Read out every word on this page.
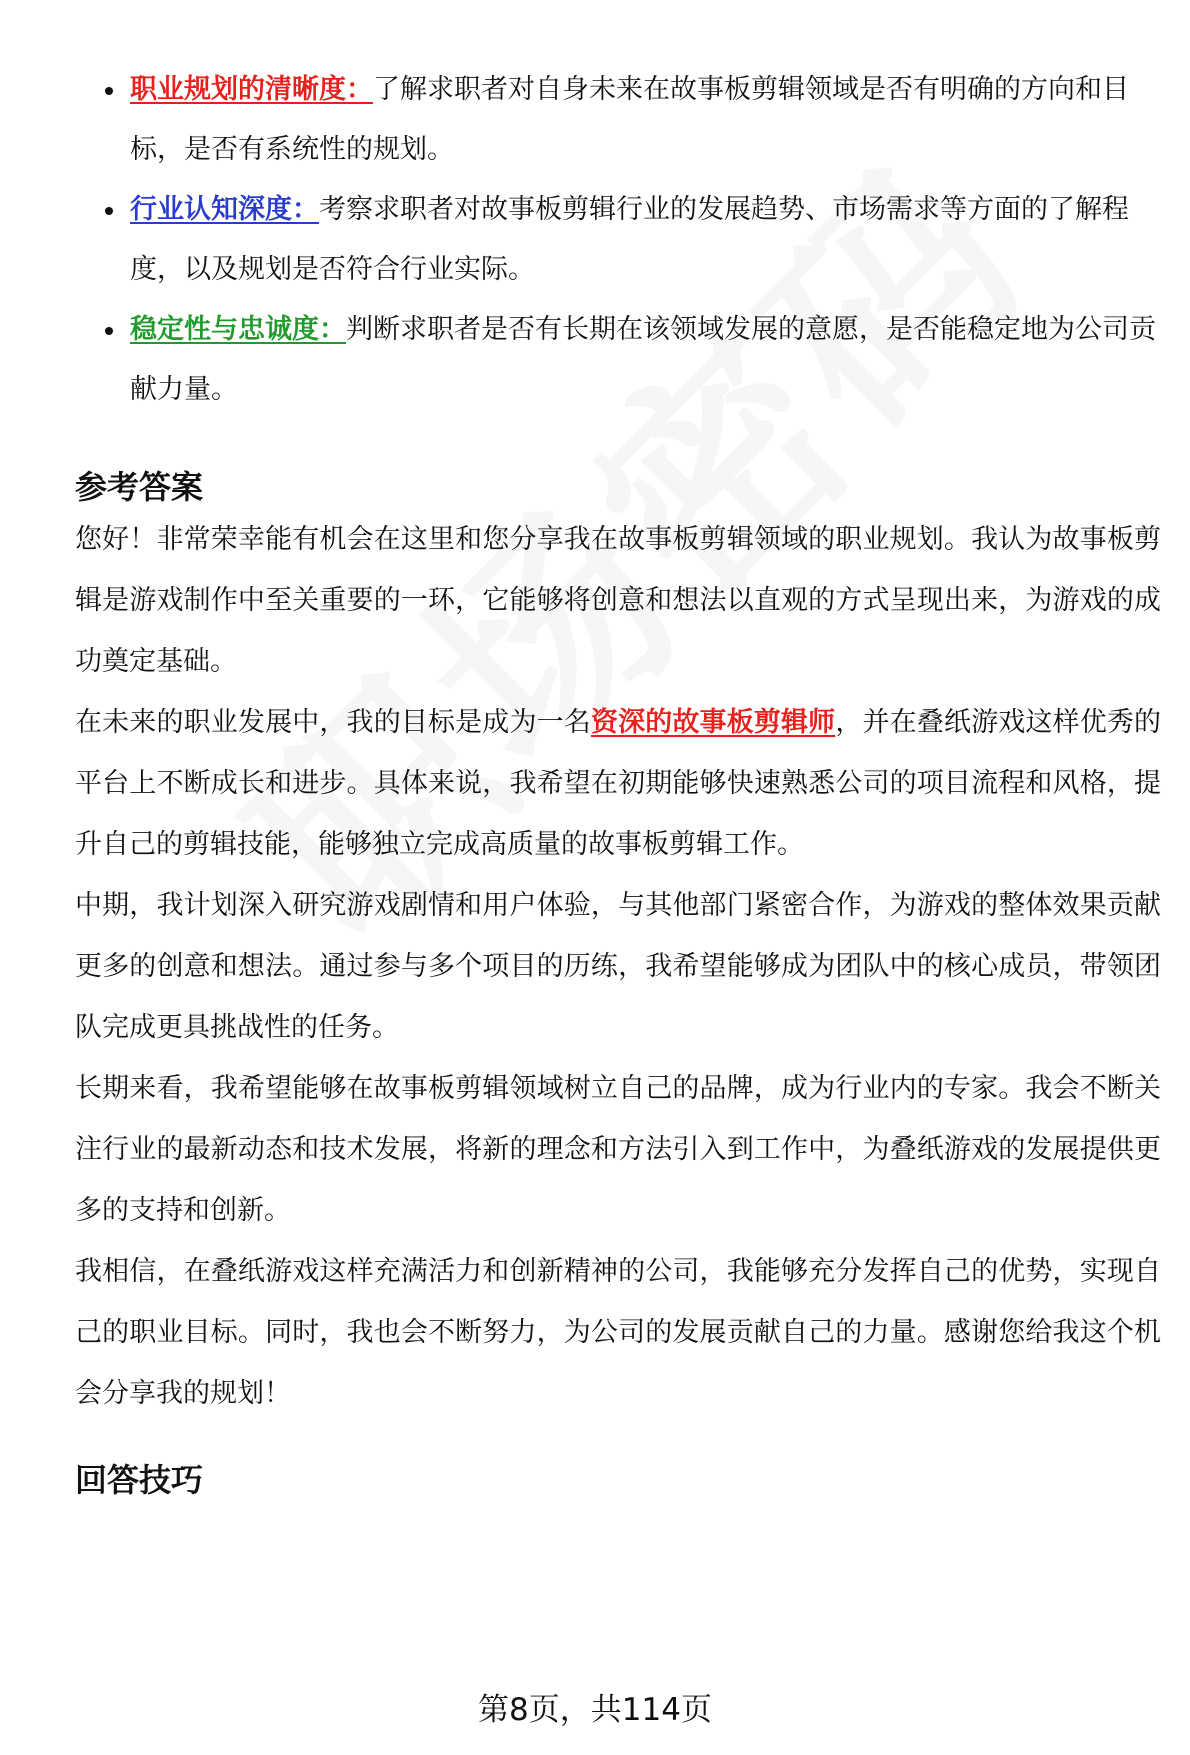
职业规划的清晰度：了解求职者对自身未来在故事板剪辑领域是否有明确的方向和目标，是否有系统性的规划。
行业认知深度：考察求职者对故事板剪辑行业的发展趋势、市场需求等方面的了解程度，以及规划是否符合行业实际。
稳定性与忠诚度：判断求职者是否有长期在该领域发展的意愿，是否能稳定地为公司贡献力量。
参考答案

您好！非常荣幸能有机会在这里和您分享我在故事板剪辑领域的职业规划。我认为故事板剪辑是游戏制作中至关重要的一环，它能够将创意和想法以直观的方式呈现出来，为游戏的成功奠定基础。

在未来的职业发展中，我的目标是成为一名资深的故事板剪辑师，并在叠纸游戏这样优秀的平台上不断成长和进步。具体来说，我希望在初期能够快速熟悉公司的项目流程和风格，提升自己的剪辑技能，能够独立完成高质量的故事板剪辑工作。

中期，我计划深入研究游戏剧情和用户体验，与其他部门紧密合作，为游戏的整体效果贡献更多的创意和想法。通过参与多个项目的历练，我希望能够成为团队中的核心成员，带领团队完成更具挑战性的任务。

长期来看，我希望能够在故事板剪辑领域树立自己的品牌，成为行业内的专家。我会不断关注行业的最新动态和技术发展，将新的理念和方法引入到工作中，为叠纸游戏的发展提供更多的支持和创新。

我相信，在叠纸游戏这样充满活力和创新精神的公司，我能够充分发挥自己的优势，实现自己的职业目标。同时，我也会不断努力，为公司的发展贡献自己的力量。感谢您给我这个机会分享我的规划！

回答技巧
第8页，共114页
